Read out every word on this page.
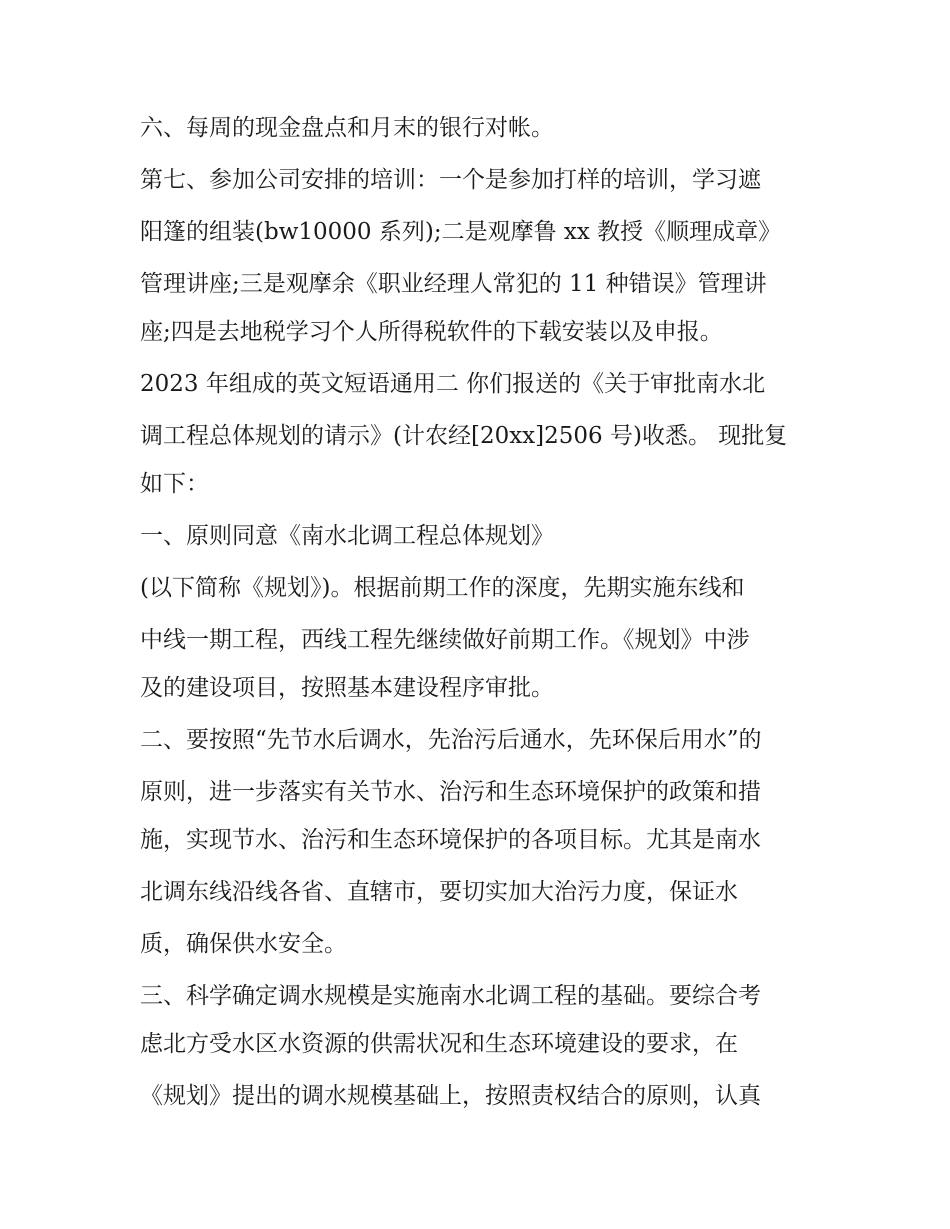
六、每周的现金盘点和月末的银行对帐。
第七、参加公司安排的培训：一个是参加打样的培训，学习遮
阳篷的组装(bw10000 系列);二是观摩鲁 xx 教授《顺理成章》
管理讲座;三是观摩余《职业经理人常犯的 11 种错误》管理讲
座;四是去地税学习个人所得税软件的下载安装以及申报。
2023 年组成的英文短语通用二 你们报送的《关于审批南水北
调工程总体规划的请示》(计农经[20xx]2506 号)收悉。 现批复
如下：
一、原则同意《南水北调工程总体规划》
(以下简称《规划》)。根据前期工作的深度，先期实施东线和
中线一期工程，西线工程先继续做好前期工作。《规划》中涉
及的建设项目，按照基本建设程序审批。
二、要按照“先节水后调水，先治污后通水，先环保后用水”的
原则，进一步落实有关节水、治污和生态环境保护的政策和措
施，实现节水、治污和生态环境保护的各项目标。尤其是南水
北调东线沿线各省、直辖市，要切实加大治污力度，保证水
质，确保供水安全。
三、科学确定调水规模是实施南水北调工程的基础。要综合考
虑北方受水区水资源的供需状况和生态环境建设的要求，在
《规划》提出的调水规模基础上，按照责权结合的原则，认真
